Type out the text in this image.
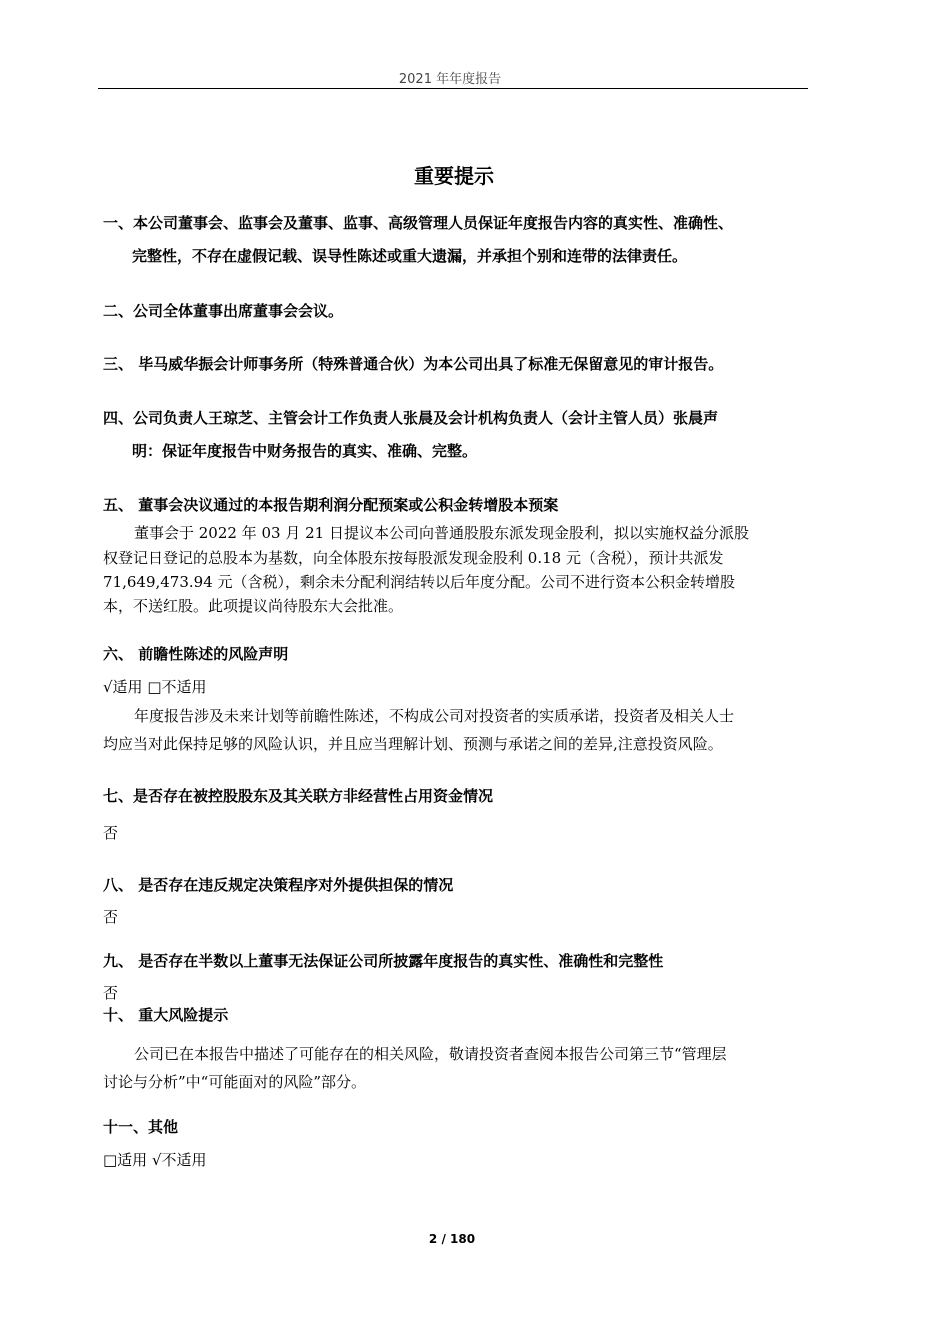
2021 年年度报告
重要提示
一、本公司董事会、监事会及董事、监事、高级管理人员保证年度报告内容的真实性、准确性、
完整性，不存在虚假记载、误导性陈述或重大遗漏，并承担个别和连带的法律责任。
二、公司全体董事出席董事会会议。
三、 毕马威华振会计师事务所（特殊普通合伙）为本公司出具了标准无保留意见的审计报告。
四、公司负责人王琼芝、主管会计工作负责人张晨及会计机构负责人（会计主管人员）张晨声
明：保证年度报告中财务报告的真实、准确、完整。
五、 董事会决议通过的本报告期利润分配预案或公积金转增股本预案
董事会于 2022 年 03 月 21 日提议本公司向普通股股东派发现金股利，拟以实施权益分派股
权登记日登记的总股本为基数，向全体股东按每股派发现金股利 0.18 元（含税），预计共派发
71,649,473.94 元（含税），剩余未分配利润结转以后年度分配。公司不进行资本公积金转增股
本，不送红股。此项提议尚待股东大会批准。
六、 前瞻性陈述的风险声明
√适用 □不适用
年度报告涉及未来计划等前瞻性陈述，不构成公司对投资者的实质承诺，投资者及相关人士
均应当对此保持足够的风险认识，并且应当理解计划、预测与承诺之间的差异,注意投资风险。
七、是否存在被控股股东及其关联方非经营性占用资金情况
否
八、 是否存在违反规定决策程序对外提供担保的情况
否
九、 是否存在半数以上董事无法保证公司所披露年度报告的真实性、准确性和完整性
否
十、 重大风险提示
公司已在本报告中描述了可能存在的相关风险，敬请投资者查阅本报告公司第三节“管理层
讨论与分析”中“可能面对的风险”部分。
十一、其他
□适用 √不适用
2 / 180
